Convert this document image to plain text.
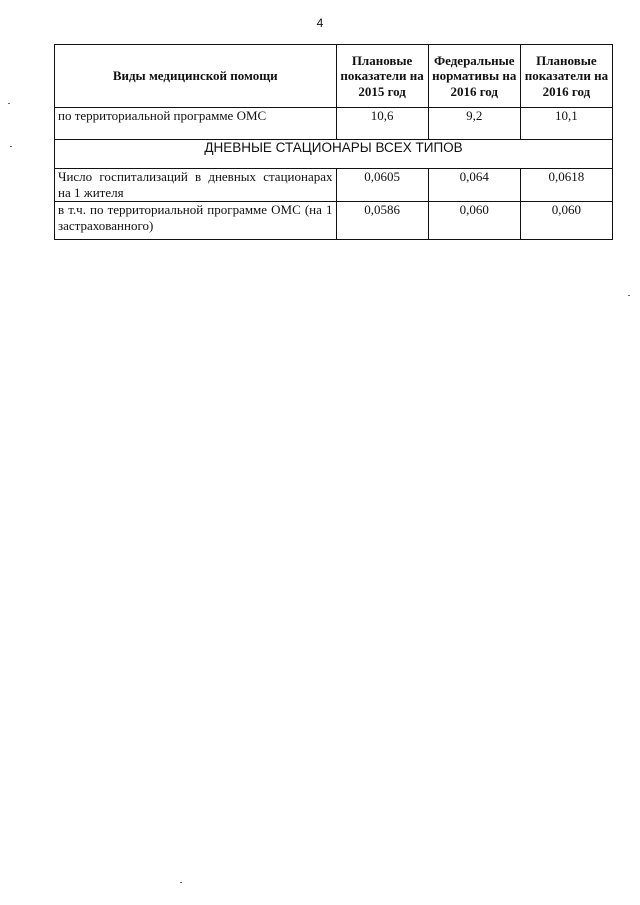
4
Виды медицинской помощи	Плановые показатели на 2015 год	Федеральные нормативы на 2016 год	Плановые показатели на 2016 год
по территориальной программе ОМС	10,6	9,2	10,1
ДНЕВНЫЕ СТАЦИОНАРЫ ВСЕХ ТИПОВ			
Число госпитализаций в дневных стационарах на 1 жителя	0,0605	0,064	0,0618
в т.ч. по территориальной программе ОМС (на 1 застрахованного)	0,0586	0,060	0,060
